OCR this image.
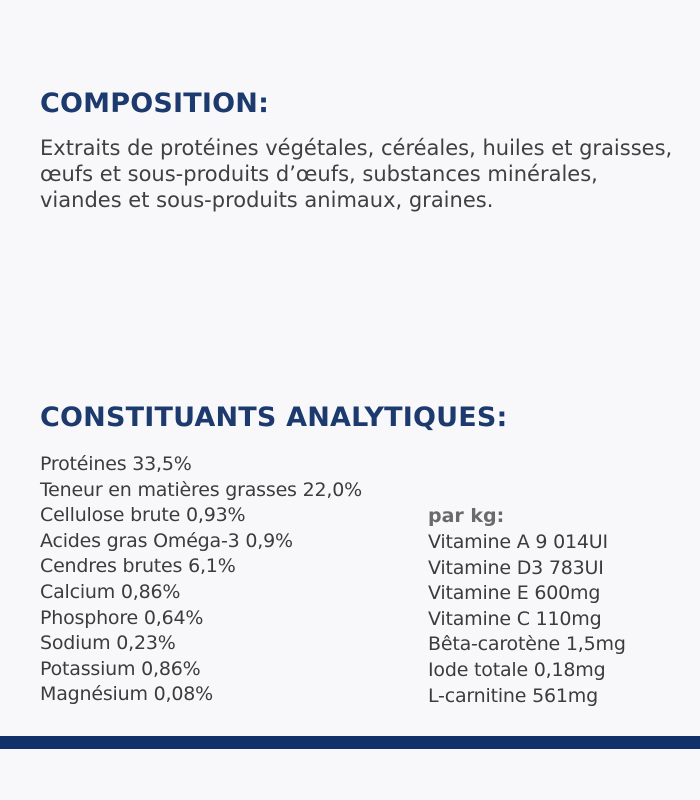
COMPOSITION:

Extraits de protéines végétales, céréales, huiles et graisses, œufs et sous-produits d’œufs, substances minérales, viandes et sous-produits animaux, graines.

CONSTITUANTS ANALYTIQUES:
Protéines 33,5%
Teneur en matières grasses 22,0%
Cellulose brute 0,93%
Acides gras Oméga-3 0,9%
Cendres brutes 6,1%
Calcium 0,86%
Phosphore 0,64%
Sodium 0,23%
Potassium 0,86%
Magnésium 0,08%
par kg:
Vitamine A 9 014UI
Vitamine D3 783UI
Vitamine E 600mg
Vitamine C 110mg
Bêta-carotène 1,5mg
Iode totale 0,18mg
L-carnitine 561mg
